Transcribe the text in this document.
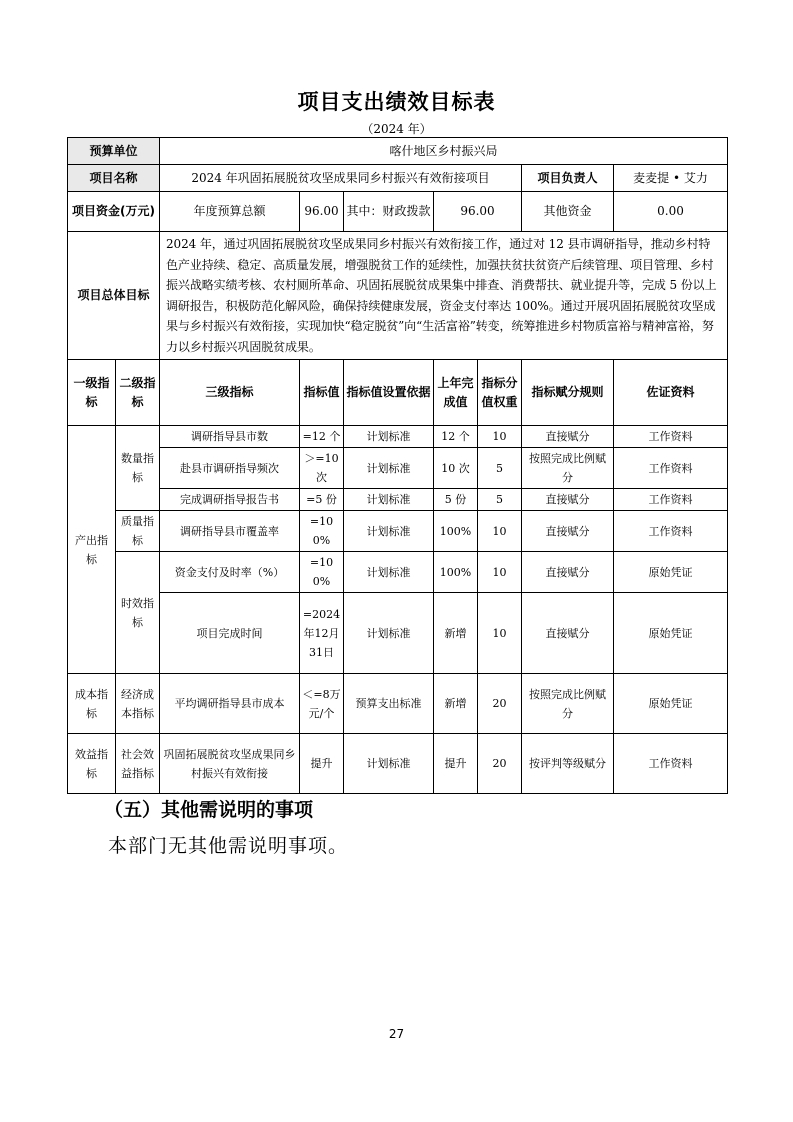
项目支出绩效目标表
（2024 年）
预算单位		喀什地区乡村振兴局						
项目名称		2024 年巩固拓展脱贫攻坚成果同乡村振兴有效衔接项目					项目负责人	麦麦提 • 艾力
项目资金(万元)		年度预算总额	96.00	其中：财政拨款	96.00		其他资金	0.00
项目总体目标		2024 年，通过巩固拓展脱贫攻坚成果同乡村振兴有效衔接工作，通过对 12 县市调研指导，推动乡村特色产业持续、稳定、高质量发展，增强脱贫工作的延续性，加强扶贫扶贫资产后续管理、项目管理、乡村振兴战略实绩考核、农村厕所革命、巩固拓展脱贫成果集中排查、消费帮扶、就业提升等，完成 5 份以上调研报告，积极防范化解风险，确保持续健康发展，资金支付率达 100%。通过开展巩固拓展脱贫攻坚成果与乡村振兴有效衔接，实现加快“稳定脱贫”向“生活富裕”转变，统筹推进乡村物质富裕与精神富裕，努力以乡村振兴巩固脱贫成果。						
一级指标	二级指标	三级指标	指标值	指标值设置依据	上年完成值	指标分值权重	指标赋分规则	佐证资料
产出指标	数量指标	调研指导县市数	=12 个	计划标准	12 个	10	直接赋分	工作资料
		赴县市调研指导频次	＞=10次	计划标准	10 次	5	按照完成比例赋分	工作资料
		完成调研指导报告书	=5 份	计划标准	5 份	5	直接赋分	工作资料
	质量指标	调研指导县市覆盖率	=100%	计划标准	100%	10	直接赋分	工作资料
	时效指标	资金支付及时率（%）	=100%	计划标准	100%	10	直接赋分	原始凭证
		项目完成时间	=2024年12月31日	计划标准	新增	10	直接赋分	原始凭证
成本指标	经济成本指标	平均调研指导县市成本	＜=8万元/个	预算支出标准	新增	20	按照完成比例赋分	原始凭证
效益指标	社会效益指标	巩固拓展脱贫攻坚成果同乡村振兴有效衔接	提升	计划标准	提升	20	按评判等级赋分	工作资料
（五）其他需说明的事项
本部门无其他需说明事项。
27
